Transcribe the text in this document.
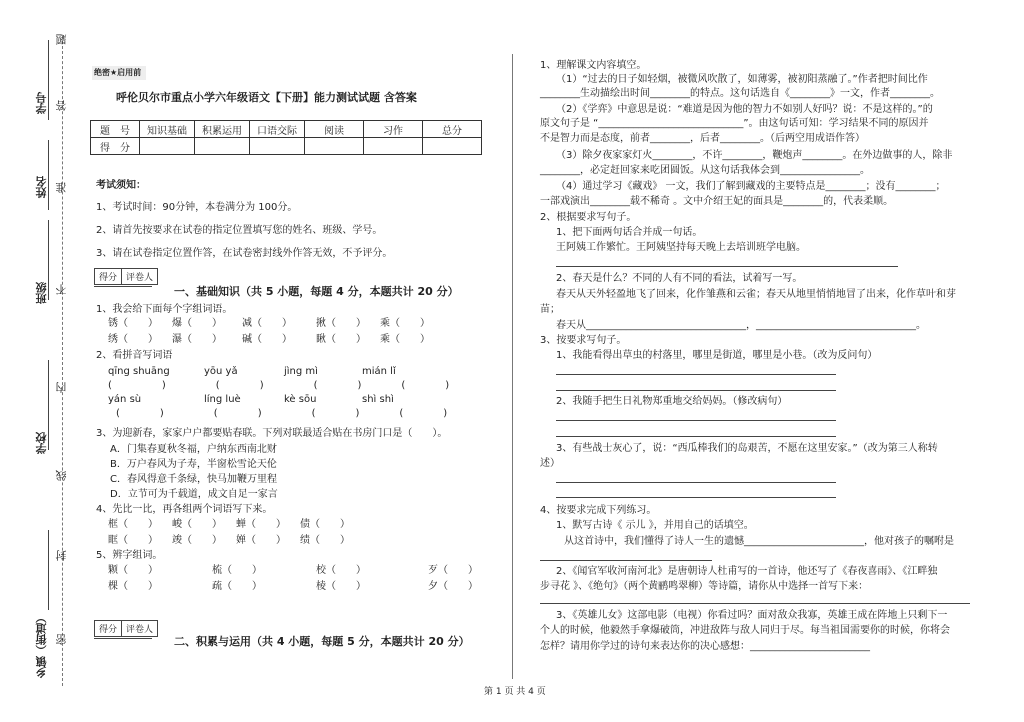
题
学号 答
姓名 准
班级 不
内
学校
线
封
乡镇（街道） 密
绝密★启用前
呼伦贝尔市重点小学六年级语文【下册】能力测试试题 含答案
题　号	知识基础	积累运用	口语交际	阅读	习作	总分
得　分						
考试须知：
1、考试时间：90分钟，本卷满分为 100分。
2、请首先按要求在试卷的指定位置填写您的姓名、班级、学号。
3、请在试卷指定位置作答，在试卷密封线外作答无效，不予评分。
得分	评卷人
一、基础知识（共 5 小题，每题 4 分，本题共计 20 分）
1、我会给下面每个字组词语。
锈（　　） 爆（　　） 减（　　） 揪（　　） 乘（　　）
绣（　　） 瀑（　　） 碱（　　） 瞅（　　） 乘（　　）
2、看拼音写词语
qīng shuāng	yōu yǎ	jìng mì	mián lǐ
(　　　　　)　　　　　(　　　　)　　　　　(　　　　)　　　　(　　　　)
yán sù	líng luè	kè sōu	shì shì
(　　　　)　　　　　(　　　　)　　　　　(　　　　)　　　　(　　　　)
3、为迎新春，家家户户都要贴春联。下列对联最适合贴在书房门口是（　　）。
A．门集春夏秋冬福，户纳东西南北财
B．万户春风为子寿，半窗松雪论天伦
C．春风得意千条绿，快马加鞭万里程
D．立节可为千载道，成文自足一家言
4、先比一比，再各组两个词语写下来。
框（　　） 峻（　　） 蝉（　　） 债（　　）
眶（　　） 竣（　　） 婵（　　） 绩（　　）
5、辨字组词。
颗（　　）	梳（　　）	校（　　）	歹（　　）
棵（　　）	疏（　　）	棱（　　）	夕（　　）
得分	评卷人
二、积累与运用（共 4 小题，每题 5 分，本题共计 20 分）
1、理解课文内容填空。
（1）“过去的日子如轻烟，被微风吹散了，如薄雾，被初阳蒸融了。”作者把时间比作
________生动描绘出时间________的特点。这句话选自《________》一文，作者________。
（2）《学弈》中意思是说：“难道是因为他的智力不如别人好吗？说：不是这样的。”的
原文句子是 “_____________________________”。由这句话可知：学习结果不同的原因并
不是智力而是态度，前者________，后者________。（后两空用成语作答）
（3）除夕夜家家灯火________，不许________，鞭炮声________。在外边做事的人，除非
________，必定赶回家来吃团圆饭。从这句话我体会到________________。
（4）通过学习《藏戏》 一文，我们了解到藏戏的主要特点是________；没有________；
一部戏演出________载不稀奇 。文中介绍王妃的面具是________的，代表柔顺。
2、根据要求写句子。
1、把下面两句话合并成一句话。
王阿姨工作繁忙。王阿姨坚持每天晚上去培训班学电脑。
2、春天是什么？不同的人有不同的看法，试着写一写。
春天从天外轻盈地飞了回来，化作雏燕和云雀；春天从地里悄悄地冒了出来，化作草叶和芽
苗；
春天从________________________________，________________________________。
3、按要求写句子。
1、我能看得出草虫的村落里，哪里是街道，哪里是小巷。（改为反问句）
2、我随手把生日礼物郑重地交给妈妈。（修改病句）
3、有些战士灰心了，说：“西瓜棒我们的岛艰苦，不愿在这里安家。”（改为第三人称转
述）
4、按要求完成下列练习。
1、默写古诗《 示儿 》，并用自己的话填空。
从这首诗中，我们懂得了诗人一生的遗憾________________________，他对孩子的嘱咐是
2、《闻官军收河南河北》是唐朝诗人杜甫写的一首诗，他还写了《春夜喜雨》、《江畔独
步寻花 》、《绝句》（两个黄鹂鸣翠柳）等诗篇，请你从中选择一首写下来：
3、《英雄儿女》这部电影（电视）你看过吗？面对敌众我寡，英雄王成在阵地上只剩下一
个人的时候，他毅然手拿爆破筒，冲进敌阵与敌人同归于尽。每当祖国需要你的时候，你将会
怎样？请用你学过的诗句来表达你的决心感想：________________________
第 1 页 共 4 页
